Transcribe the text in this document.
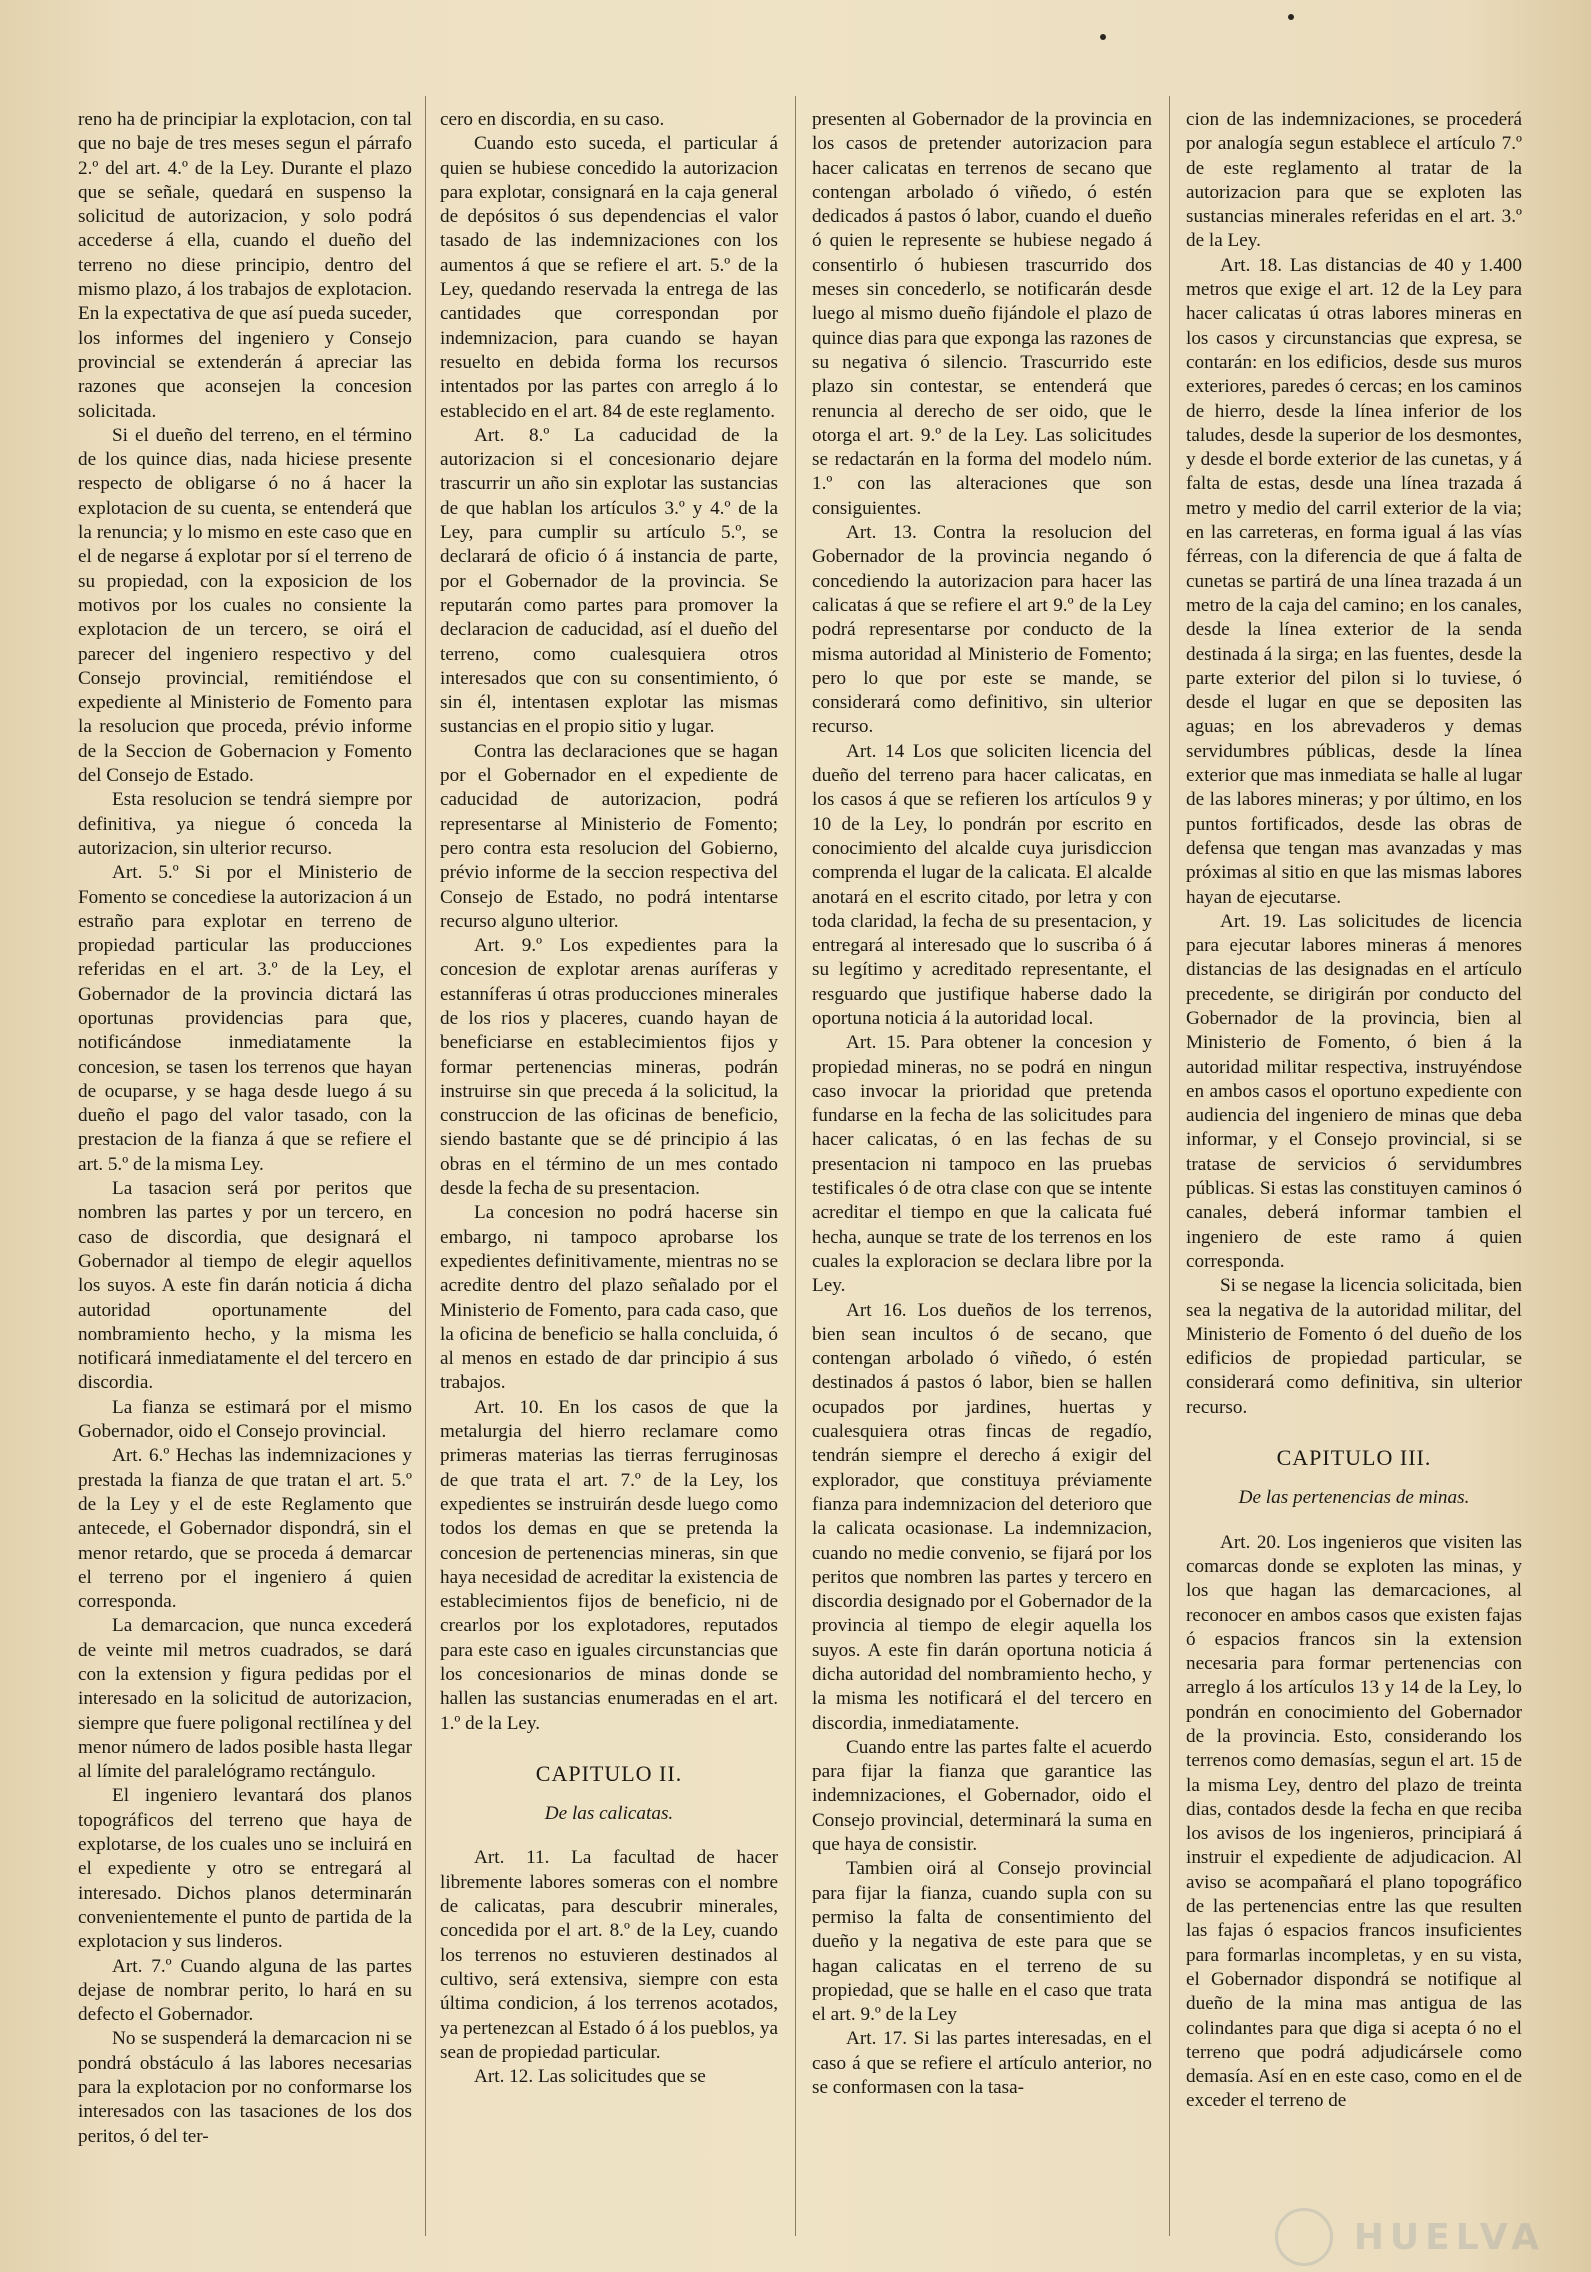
reno ha de principiar la explotacion, con tal que no baje de tres meses segun el párrafo 2.º del art. 4.º de la Ley. Durante el plazo que se señale, quedará en suspenso la solicitud de autorizacion, y solo podrá accederse á ella, cuando el dueño del terreno no diese principio, dentro del mismo plazo, á los trabajos de explotacion. En la expectativa de que así pueda suceder, los informes del ingeniero y Consejo provincial se extenderán á apreciar las razones que aconsejen la concesion solicitada.

Si el dueño del terreno, en el término de los quince dias, nada hiciese presente respecto de obligarse ó no á hacer la explotacion de su cuenta, se entenderá que la renuncia; y lo mismo en este caso que en el de negarse á explotar por sí el terreno de su propiedad, con la exposicion de los motivos por los cuales no consiente la explotacion de un tercero, se oirá el parecer del ingeniero respectivo y del Consejo provincial, remitiéndose el expediente al Ministerio de Fomento para la resolucion que proceda, prévio informe de la Seccion de Gobernacion y Fomento del Consejo de Estado.

Esta resolucion se tendrá siempre por definitiva, ya niegue ó conceda la autorizacion, sin ulterior recurso.

Art. 5.º Si por el Ministerio de Fomento se concediese la autorizacion á un estraño para explotar en terreno de propiedad particular las producciones referidas en el art. 3.º de la Ley, el Gobernador de la provincia dictará las oportunas providencias para que, notificándose inmediatamente la concesion, se tasen los terrenos que hayan de ocuparse, y se haga desde luego á su dueño el pago del valor tasado, con la prestacion de la fianza á que se refiere el art. 5.º de la misma Ley.

La tasacion será por peritos que nombren las partes y por un tercero, en caso de discordia, que designará el Gobernador al tiempo de elegir aquellos los suyos. A este fin darán noticia á dicha autoridad oportunamente del nombramiento hecho, y la misma les notificará inmediatamente el del tercero en discordia.

La fianza se estimará por el mismo Gobernador, oido el Consejo provincial.

Art. 6.º Hechas las indemnizaciones y prestada la fianza de que tratan el art. 5.º de la Ley y el de este Reglamento que antecede, el Gobernador dispondrá, sin el menor retardo, que se proceda á demarcar el terreno por el ingeniero á quien corresponda.

La demarcacion, que nunca excederá de veinte mil metros cuadrados, se dará con la extension y figura pedidas por el interesado en la solicitud de autorizacion, siempre que fuere poligonal rectilínea y del menor número de lados posible hasta llegar al límite del paralelógramo rectángulo.

El ingeniero levantará dos planos topográficos del terreno que haya de explotarse, de los cuales uno se incluirá en el expediente y otro se entregará al interesado. Dichos planos determinarán convenientemente el punto de partida de la explotacion y sus linderos.

Art. 7.º Cuando alguna de las partes dejase de nombrar perito, lo hará en su defecto el Gobernador.

No se suspenderá la demarcacion ni se pondrá obstáculo á las labores necesarias para la explotacion por no conformarse los interesados con las tasaciones de los dos peritos, ó del ter-

cero en discordia, en su caso.

Cuando esto suceda, el particular á quien se hubiese concedido la autorizacion para explotar, consignará en la caja general de depósitos ó sus dependencias el valor tasado de las indemnizaciones con los aumentos á que se refiere el art. 5.º de la Ley, quedando reservada la entrega de las cantidades que correspondan por indemnizacion, para cuando se hayan resuelto en debida forma los recursos intentados por las partes con arreglo á lo establecido en el art. 84 de este reglamento.

Art. 8.º La caducidad de la autorizacion si el concesionario dejare trascurrir un año sin explotar las sustancias de que hablan los artículos 3.º y 4.º de la Ley, para cumplir su artículo 5.º, se declarará de oficio ó á instancia de parte, por el Gobernador de la provincia. Se reputarán como partes para promover la declaracion de caducidad, así el dueño del terreno, como cualesquiera otros interesados que con su consentimiento, ó sin él, intentasen explotar las mismas sustancias en el propio sitio y lugar.

Contra las declaraciones que se hagan por el Gobernador en el expediente de caducidad de autorizacion, podrá representarse al Ministerio de Fomento; pero contra esta resolucion del Gobierno, prévio informe de la seccion respectiva del Consejo de Estado, no podrá intentarse recurso alguno ulterior.

Art. 9.º Los expedientes para la concesion de explotar arenas auríferas y estanníferas ú otras producciones minerales de los rios y placeres, cuando hayan de beneficiarse en establecimientos fijos y formar pertenencias mineras, podrán instruirse sin que preceda á la solicitud, la construccion de las oficinas de beneficio, siendo bastante que se dé principio á las obras en el término de un mes contado desde la fecha de su presentacion.

La concesion no podrá hacerse sin embargo, ni tampoco aprobarse los expedientes definitivamente, mientras no se acredite dentro del plazo señalado por el Ministerio de Fomento, para cada caso, que la oficina de beneficio se halla concluida, ó al menos en estado de dar principio á sus trabajos.

Art. 10. En los casos de que la metalurgia del hierro reclamare como primeras materias las tierras ferruginosas de que trata el art. 7.º de la Ley, los expedientes se instruirán desde luego como todos los demas en que se pretenda la concesion de pertenencias mineras, sin que haya necesidad de acreditar la existencia de establecimientos fijos de beneficio, ni de crearlos por los explotadores, reputados para este caso en iguales circunstancias que los concesionarios de minas donde se hallen las sustancias enumeradas en el art. 1.º de la Ley.

CAPITULO II.

De las calicatas.

Art. 11. La facultad de hacer libremente labores someras con el nombre de calicatas, para descubrir minerales, concedida por el art. 8.º de la Ley, cuando los terrenos no estuvieren destinados al cultivo, será extensiva, siempre con esta última condicion, á los terrenos acotados, ya pertenezcan al Estado ó á los pueblos, ya sean de propiedad particular.

Art. 12. Las solicitudes que se

presenten al Gobernador de la provincia en los casos de pretender autorizacion para hacer calicatas en terrenos de secano que contengan arbolado ó viñedo, ó estén dedicados á pastos ó labor, cuando el dueño ó quien le represente se hubiese negado á consentirlo ó hubiesen trascurrido dos meses sin concederlo, se notificarán desde luego al mismo dueño fijándole el plazo de quince dias para que exponga las razones de su negativa ó silencio. Trascurrido este plazo sin contestar, se entenderá que renuncia al derecho de ser oido, que le otorga el art. 9.º de la Ley. Las solicitudes se redactarán en la forma del modelo núm. 1.º con las alteraciones que son consiguientes.

Art. 13. Contra la resolucion del Gobernador de la provincia negando ó concediendo la autorizacion para hacer las calicatas á que se refiere el art 9.º de la Ley podrá representarse por conducto de la misma autoridad al Ministerio de Fomento; pero lo que por este se mande, se considerará como definitivo, sin ulterior recurso.

Art. 14 Los que soliciten licencia del dueño del terreno para hacer calicatas, en los casos á que se refieren los artículos 9 y 10 de la Ley, lo pondrán por escrito en conocimiento del alcalde cuya jurisdiccion comprenda el lugar de la calicata. El alcalde anotará en el escrito citado, por letra y con toda claridad, la fecha de su presentacion, y entregará al interesado que lo suscriba ó á su legítimo y acreditado representante, el resguardo que justifique haberse dado la oportuna noticia á la autoridad local.

Art. 15. Para obtener la concesion y propiedad mineras, no se podrá en ningun caso invocar la prioridad que pretenda fundarse en la fecha de las solicitudes para hacer calicatas, ó en las fechas de su presentacion ni tampoco en las pruebas testificales ó de otra clase con que se intente acreditar el tiempo en que la calicata fué hecha, aunque se trate de los terrenos en los cuales la exploracion se declara libre por la Ley.

Art 16. Los dueños de los terrenos, bien sean incultos ó de secano, que contengan arbolado ó viñedo, ó estén destinados á pastos ó labor, bien se hallen ocupados por jardines, huertas y cualesquiera otras fincas de regadío, tendrán siempre el derecho á exigir del explorador, que constituya préviamente fianza para indemnizacion del deterioro que la calicata ocasionase. La indemnizacion, cuando no medie convenio, se fijará por los peritos que nombren las partes y tercero en discordia designado por el Gobernador de la provincia al tiempo de elegir aquella los suyos. A este fin darán oportuna noticia á dicha autoridad del nombramiento hecho, y la misma les notificará el del tercero en discordia, inmediatamente.

Cuando entre las partes falte el acuerdo para fijar la fianza que garantice las indemnizaciones, el Gobernador, oido el Consejo provincial, determinará la suma en que haya de consistir.

Tambien oirá al Consejo provincial para fijar la fianza, cuando supla con su permiso la falta de consentimiento del dueño y la negativa de este para que se hagan calicatas en el terreno de su propiedad, que se halle en el caso que trata el art. 9.º de la Ley

Art. 17. Si las partes interesadas, en el caso á que se refiere el artículo anterior, no se conformasen con la tasa-

cion de las indemnizaciones, se procederá por analogía segun establece el artículo 7.º de este reglamento al tratar de la autorizacion para que se exploten las sustancias minerales referidas en el art. 3.º de la Ley.

Art. 18. Las distancias de 40 y 1.400 metros que exige el art. 12 de la Ley para hacer calicatas ú otras labores mineras en los casos y circunstancias que expresa, se contarán: en los edificios, desde sus muros exteriores, paredes ó cercas; en los caminos de hierro, desde la línea inferior de los taludes, desde la superior de los desmontes, y desde el borde exterior de las cunetas, y á falta de estas, desde una línea trazada á metro y medio del carril exterior de la via; en las carreteras, en forma igual á las vías férreas, con la diferencia de que á falta de cunetas se partirá de una línea trazada á un metro de la caja del camino; en los canales, desde la línea exterior de la senda destinada á la sirga; en las fuentes, desde la parte exterior del pilon si lo tuviese, ó desde el lugar en que se depositen las aguas; en los abrevaderos y demas servidumbres públicas, desde la línea exterior que mas inmediata se halle al lugar de las labores mineras; y por último, en los puntos fortificados, desde las obras de defensa que tengan mas avanzadas y mas próximas al sitio en que las mismas labores hayan de ejecutarse.

Art. 19. Las solicitudes de licencia para ejecutar labores mineras á menores distancias de las designadas en el artículo precedente, se dirigirán por conducto del Gobernador de la provincia, bien al Ministerio de Fomento, ó bien á la autoridad militar respectiva, instruyéndose en ambos casos el oportuno expediente con audiencia del ingeniero de minas que deba informar, y el Consejo provincial, si se tratase de servicios ó servidumbres públicas. Si estas las constituyen caminos ó canales, deberá informar tambien el ingeniero de este ramo á quien corresponda.

Si se negase la licencia solicitada, bien sea la negativa de la autoridad militar, del Ministerio de Fomento ó del dueño de los edificios de propiedad particular, se considerará como definitiva, sin ulterior recurso.

CAPITULO III.

De las pertenencias de minas.

Art. 20. Los ingenieros que visiten las comarcas donde se exploten las minas, y los que hagan las demarcaciones, al reconocer en ambos casos que existen fajas ó espacios francos sin la extension necesaria para formar pertenencias con arreglo á los artículos 13 y 14 de la Ley, lo pondrán en conocimiento del Gobernador de la provincia. Esto, considerando los terrenos como demasías, segun el art. 15 de la misma Ley, dentro del plazo de treinta dias, contados desde la fecha en que reciba los avisos de los ingenieros, principiará á instruir el expediente de adjudicacion. Al aviso se acompañará el plano topográfico de las pertenencias entre las que resulten las fajas ó espacios francos insuficientes para formarlas incompletas, y en su vista, el Gobernador dispondrá se notifique al dueño de la mina mas antigua de las colindantes para que diga si acepta ó no el terreno que podrá adjudicársele como demasía. Así en en este caso, como en el de exceder el terreno de

HUELVA
